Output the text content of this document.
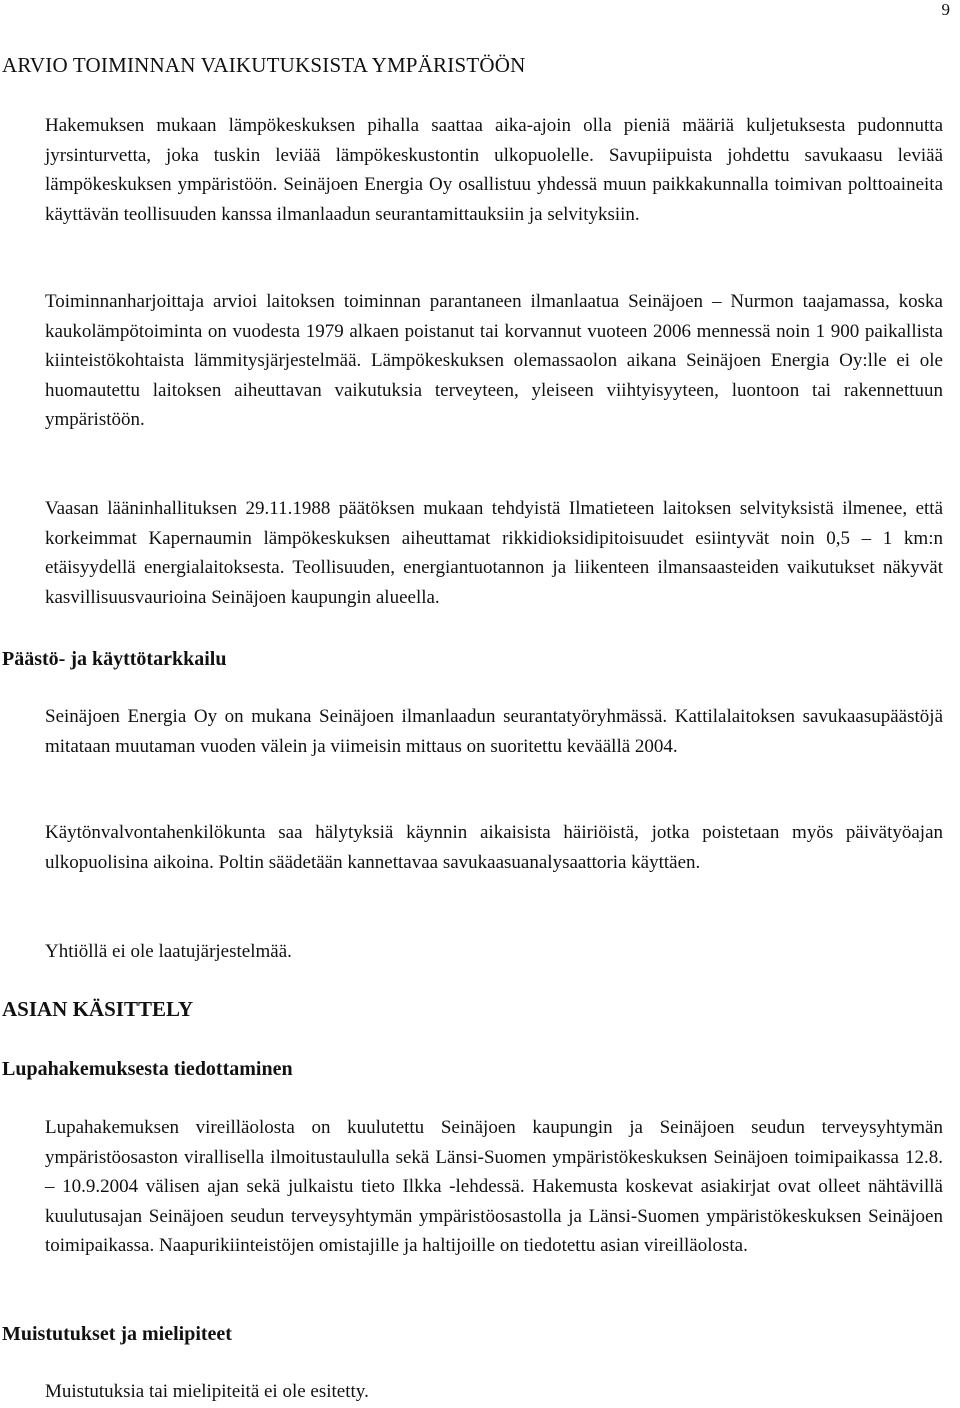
9
ARVIO TOIMINNAN VAIKUTUKSISTA YMPÄRISTÖÖN

Hakemuksen mukaan lämpökeskuksen pihalla saattaa aika-ajoin olla pieniä määriä kuljetuksesta pudonnutta jyrsinturvetta, joka tuskin leviää lämpökeskustontin ulkopuolelle. Savupiipuista johdettu savukaasu leviää lämpökeskuksen ympäristöön. Seinäjoen Energia Oy osallistuu yhdessä muun paikkakunnalla toimivan polttoaineita käyttävän teollisuuden kanssa ilmanlaadun seurantamittauksiin ja selvityksiin.

Toiminnanharjoittaja arvioi laitoksen toiminnan parantaneen ilmanlaatua Seinäjoen – Nurmon taajamassa, koska kaukolämpötoiminta on vuodesta 1979 alkaen poistanut tai korvannut vuoteen 2006 mennessä noin 1 900 paikallista kiinteistökohtaista lämmitysjärjestelmää. Lämpökeskuksen olemassaolon aikana Seinäjoen Energia Oy:lle ei ole huomautettu laitoksen aiheuttavan vaikutuksia terveyteen, yleiseen viihtyisyyteen, luontoon tai rakennettuun ympäristöön.

Vaasan lääninhallituksen 29.11.1988 päätöksen mukaan tehdyistä Ilmatieteen laitoksen selvityksistä ilmenee, että korkeimmat Kapernaumin lämpökeskuksen aiheuttamat rikkidioksidipitoisuudet esiintyvät noin 0,5 – 1 km:n etäisyydellä energialaitoksesta. Teollisuuden, energiantuotannon ja liikenteen ilmansaasteiden vaikutukset näkyvät kasvillisuusvaurioina Seinäjoen kaupungin alueella.

Päästö- ja käyttötarkkailu

Seinäjoen Energia Oy on mukana Seinäjoen ilmanlaadun seurantatyöryhmässä. Kattilalaitoksen savukaasupäästöjä mitataan muutaman vuoden välein ja viimeisin mittaus on suoritettu keväällä 2004.

Käytönvalvontahenkilökunta saa hälytyksiä käynnin aikaisista häiriöistä, jotka poistetaan myös päivätyöajan ulkopuolisina aikoina. Poltin säädetään kannettavaa savukaasuanalysaattoria käyttäen.

Yhtiöllä ei ole laatujärjestelmää.

ASIAN KÄSITTELY
Lupahakemuksesta tiedottaminen

Lupahakemuksen vireilläolosta on kuulutettu Seinäjoen kaupungin ja Seinäjoen seudun terveysyhtymän ympäristöosaston virallisella ilmoitustaululla sekä Länsi-Suomen ympäristökeskuksen Seinäjoen toimipaikassa 12.8. – 10.9.2004 välisen ajan sekä julkaistu tieto Ilkka -lehdessä. Hakemusta koskevat asiakirjat ovat olleet nähtävillä kuulutusajan Seinäjoen seudun terveysyhtymän ympäristöosastolla ja Länsi-Suomen ympäristökeskuksen Seinäjoen toimipaikassa. Naapurikiinteistöjen omistajille ja haltijoille on tiedotettu asian vireilläolosta.

Muistutukset ja mielipiteet

Muistutuksia tai mielipiteitä ei ole esitetty.
